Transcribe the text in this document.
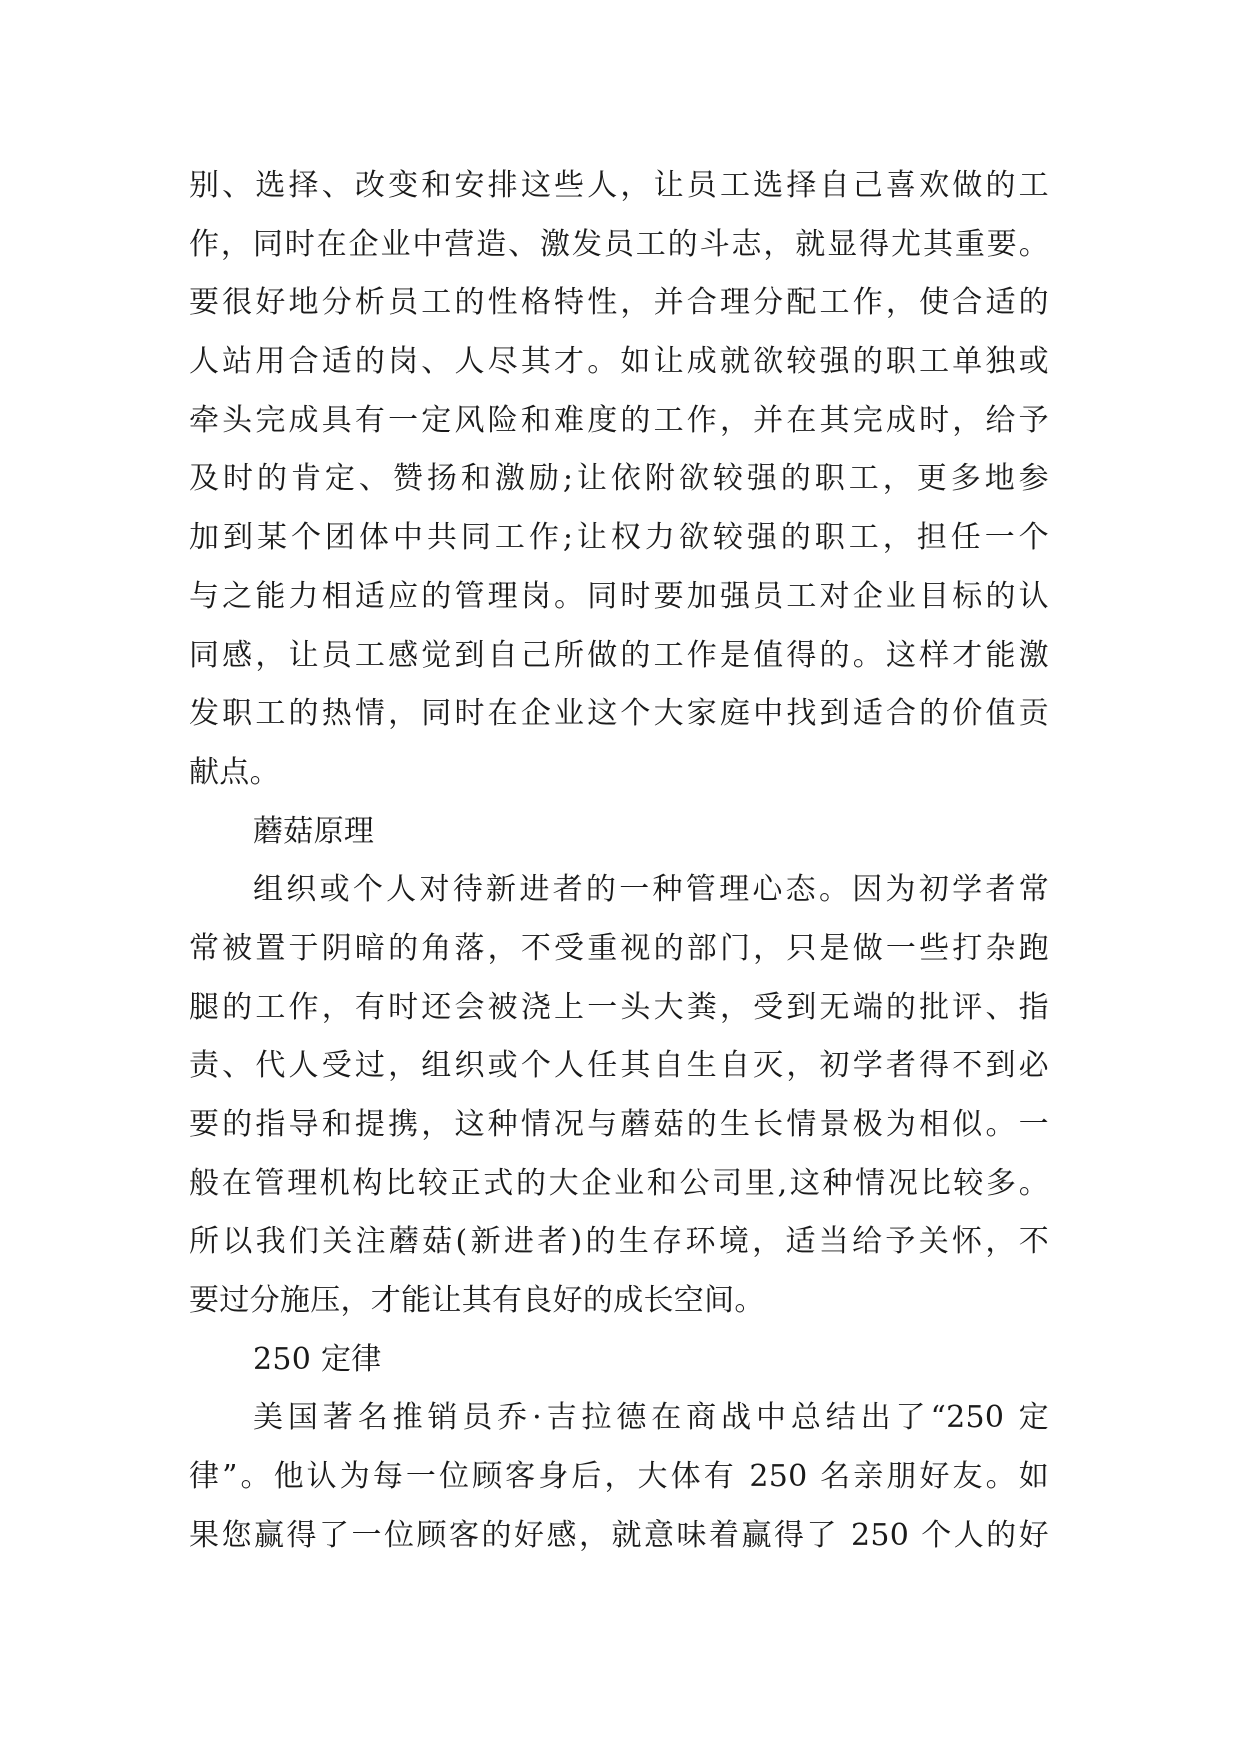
别、选择、改变和安排这些人，让员工选择自己喜欢做的工
作，同时在企业中营造、激发员工的斗志，就显得尤其重要。
要很好地分析员工的性格特性，并合理分配工作，使合适的
人站用合适的岗、人尽其才。如让成就欲较强的职工单独或
牵头完成具有一定风险和难度的工作，并在其完成时，给予
及时的肯定、赞扬和激励;让依附欲较强的职工，更多地参
加到某个团体中共同工作;让权力欲较强的职工，担任一个
与之能力相适应的管理岗。同时要加强员工对企业目标的认
同感，让员工感觉到自己所做的工作是值得的。这样才能激
发职工的热情，同时在企业这个大家庭中找到适合的价值贡
献点。
蘑菇原理
组织或个人对待新进者的一种管理心态。因为初学者常
常被置于阴暗的角落，不受重视的部门，只是做一些打杂跑
腿的工作，有时还会被浇上一头大粪，受到无端的批评、指
责、代人受过，组织或个人任其自生自灭，初学者得不到必
要的指导和提携，这种情况与蘑菇的生长情景极为相似。一
般在管理机构比较正式的大企业和公司里,这种情况比较多。
所以我们关注蘑菇(新进者)的生存环境，适当给予关怀，不
要过分施压，才能让其有良好的成长空间。
250 定律
美国著名推销员乔·吉拉德在商战中总结出了“250 定
律”。他认为每一位顾客身后，大体有 250 名亲朋好友。如
果您赢得了一位顾客的好感，就意味着赢得了 250 个人的好
